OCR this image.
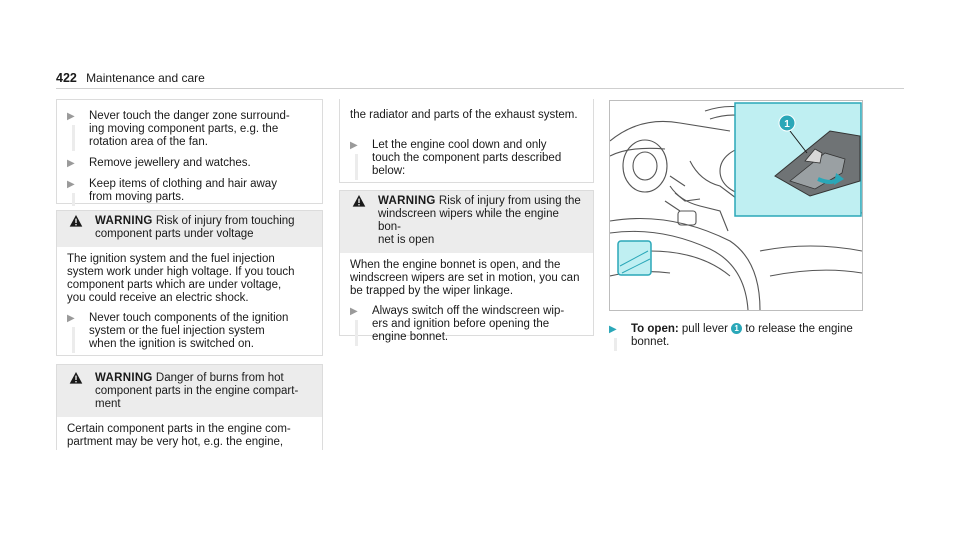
422 Maintenance and care
▶	Never touch the danger zone surround-
ing moving component parts, e.g. the
rotation area of the fan.
▶	Remove jewellery and watches.
▶	Keep items of clothing and hair away
from moving parts.
WARNING Risk of injury from touching
component parts under voltage
The ignition system and the fuel injection
system work under high voltage. If you touch
component parts which are under voltage,
you could receive an electric shock.
▶	Never touch components of the ignition
system or the fuel injection system
when the ignition is switched on.
WARNING Danger of burns from hot
component parts in the engine compart-
ment
Certain component parts in the engine com-
partment may be very hot, e.g. the engine,
the radiator and parts of the exhaust system.
▶	Let the engine cool down and only
touch the component parts described
below:
WARNING Risk of injury from using the
windscreen wipers while the engine bon-
net is open
When the engine bonnet is open, and the
windscreen wipers are set in motion, you can
be trapped by the wiper linkage.
▶	Always switch off the windscreen wip-
ers and ignition before opening the
engine bonnet.
1
▶	To open: pull lever 1 to release the engine
bonnet.
